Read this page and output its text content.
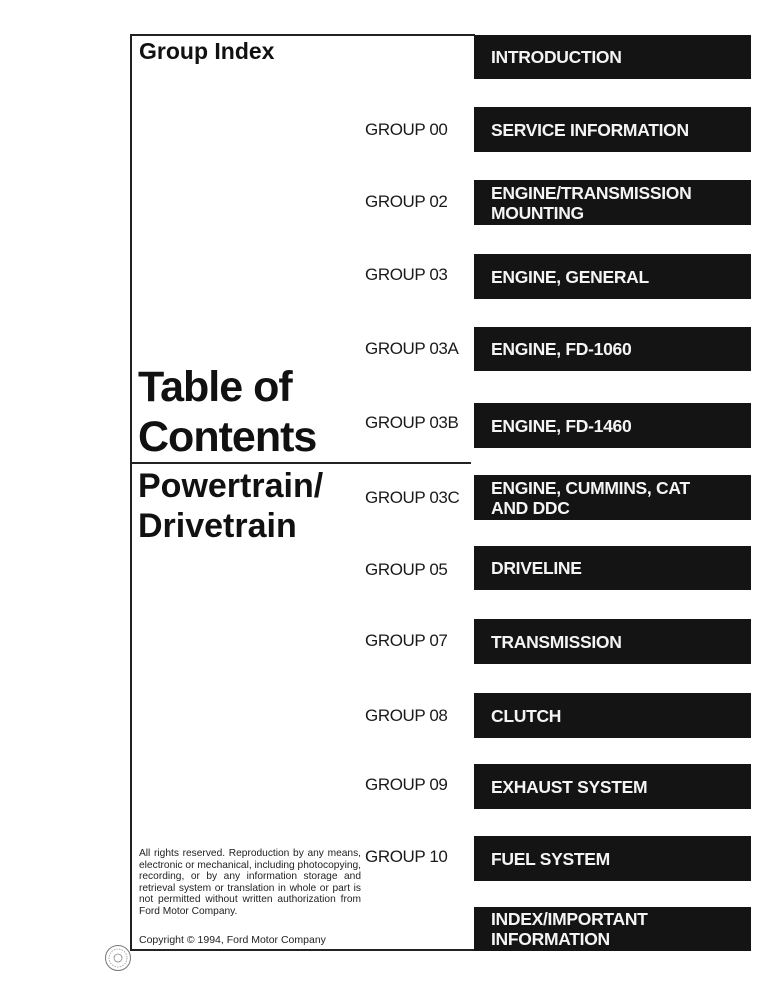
Group Index
Table of
Contents
Powertrain/
Drivetrain
All rights reserved. Reproduction by any means, electronic or mechanical, including photocopying, recording, or by any information storage and retrieval system or translation in whole or part is not permitted without written authorization from Ford Motor Company.
Copyright © 1994, Ford Motor Company
GROUP 00
GROUP 02
GROUP 03
GROUP 03A
GROUP 03B
GROUP 03C
GROUP 05
GROUP 07
GROUP 08
GROUP 09
GROUP 10
INTRODUCTION
SERVICE INFORMATION
ENGINE/TRANSMISSION
MOUNTING
ENGINE, GENERAL
ENGINE, FD-1060
ENGINE, FD-1460
ENGINE, CUMMINS, CAT
AND DDC
DRIVELINE
TRANSMISSION
CLUTCH
EXHAUST SYSTEM
FUEL SYSTEM
INDEX/IMPORTANT
INFORMATION
